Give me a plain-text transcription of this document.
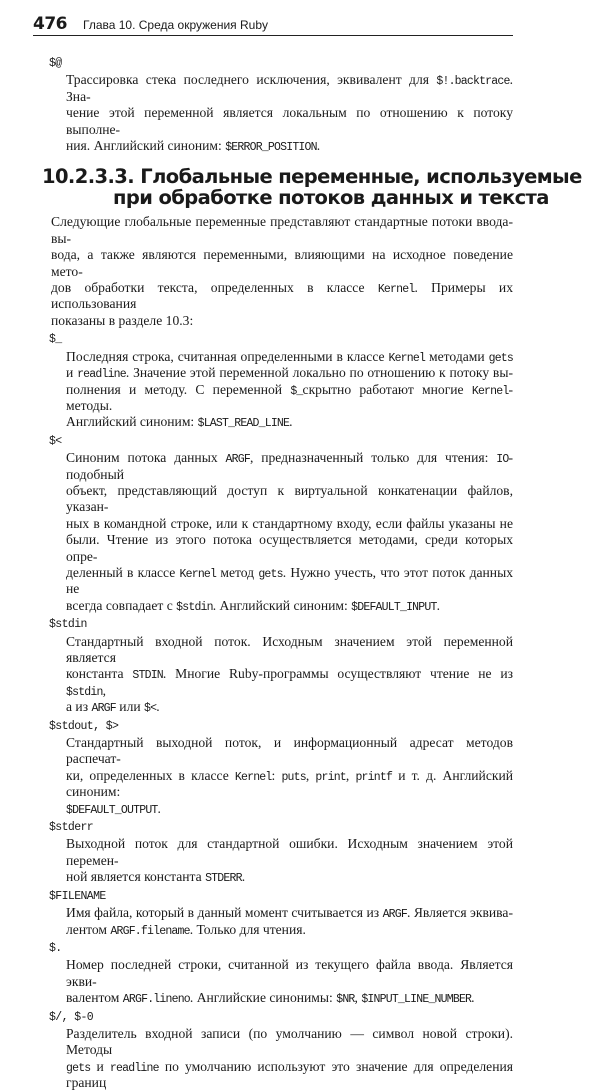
476 Глава 10. Среда окружения Ruby
$@
Трассировка стека последнего исключения, эквивалент для $!.backtrace. Зна-
чение этой переменной является локальным по отношению к потоку выполне-
ния. Английский синоним: $ERROR_POSITION.
10.2.3.3. Глобальные переменные, используемые
при обработке потоков данных и текста
Следующие глобальные переменные представляют стандартные потоки ввода-вы-
вода, а также являются переменными, влияющими на исходное поведение мето-
дов обработки текста, определенных в классе Kernel. Примеры их использования
показаны в разделе 10.3:
$_
Последняя строка, считанная определенными в классе Kernel методами gets
и readline. Значение этой переменной локально по отношению к потоку вы-
полнения и методу. С переменной $_скрытно работают многие Kernel-методы.
Английский синоним: $LAST_READ_LINE.
$<
Синоним потока данных ARGF, предназначенный только для чтения: IO-подобный
объект, представляющий доступ к виртуальной конкатенации файлов, указан-
ных в командной строке, или к стандартному входу, если файлы указаны не
были. Чтение из этого потока осуществляется методами, среди которых опре-
деленный в классе Kernel метод gets. Нужно учесть, что этот поток данных не
всегда совпадает с $stdin. Английский синоним: $DEFAULT_INPUT.
$stdin
Стандартный входной поток. Исходным значением этой переменной является
константа STDIN. Многие Ruby-программы осуществляют чтение не из $stdin,
а из ARGF или $<.
$stdout, $>
Стандартный выходной поток, и информационный адресат методов распечат-
ки, определенных в классе Kernel: puts, print, printf и т. д. Английский синоним:
$DEFAULT_OUTPUT.
$stderr
Выходной поток для стандартной ошибки. Исходным значением этой перемен-
ной является константа STDERR.
$FILENAME
Имя файла, который в данный момент считывается из ARGF. Является эквива-
лентом ARGF.filename. Только для чтения.
$.
Номер последней строки, считанной из текущего файла ввода. Является экви-
валентом ARGF.lineno. Английские синонимы: $NR, $INPUT_LINE_NUMBER.
$/, $-0
Разделитель входной записи (по умолчанию — символ новой строки). Методы
gets и readline по умолчанию используют это значение для определения границ
